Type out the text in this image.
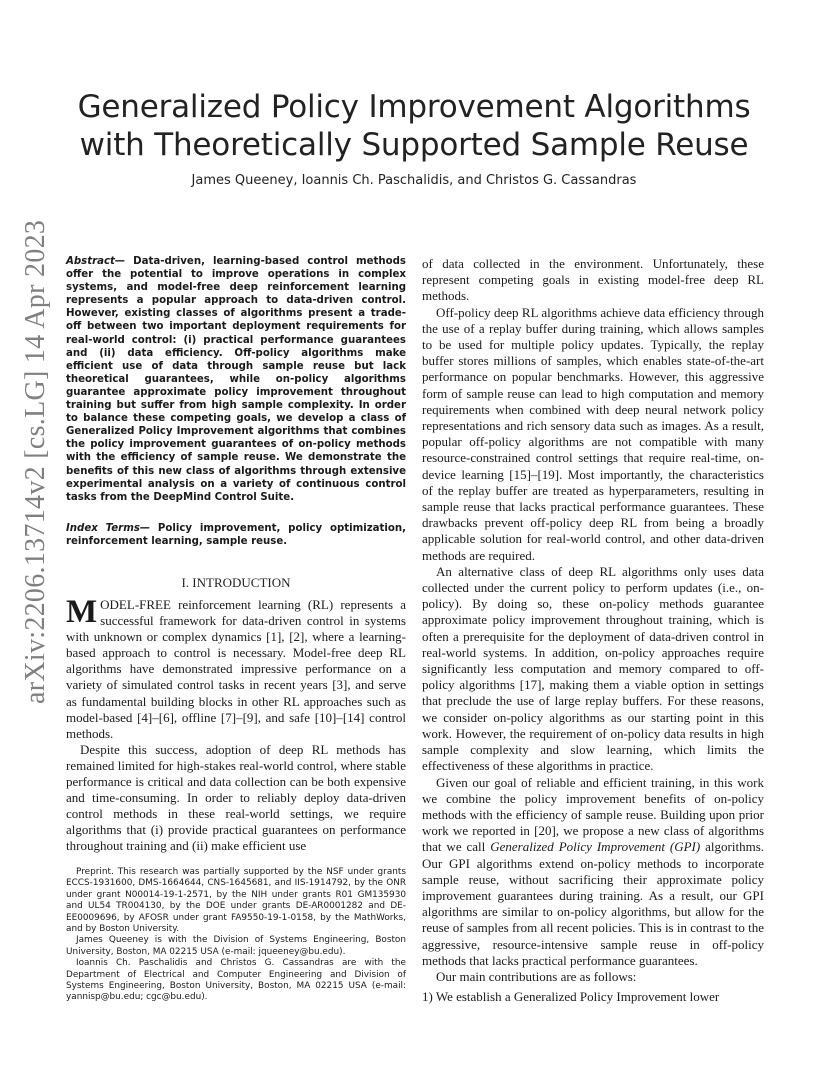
arXiv:2206.13714v2 [cs.LG] 14 Apr 2023
Generalized Policy Improvement Algorithms
with Theoretically Supported Sample Reuse
James Queeney, Ioannis Ch. Paschalidis, and Christos G. Cassandras
Abstract— Data-driven, learning-based control methods offer the potential to improve operations in complex systems, and model-free deep reinforcement learning represents a popular approach to data-driven control. However, existing classes of algorithms present a trade-off between two important deployment requirements for real-world control: (i) practical performance guarantees and (ii) data efficiency. Off-policy algorithms make efficient use of data through sample reuse but lack theoretical guarantees, while on-policy algorithms guarantee approximate policy improvement throughout training but suffer from high sample complexity. In order to balance these competing goals, we develop a class of Generalized Policy Improvement algorithms that combines the policy improvement guarantees of on-policy methods with the efficiency of sample reuse. We demonstrate the benefits of this new class of algorithms through extensive experimental analysis on a variety of continuous control tasks from the DeepMind Control Suite.
Index Terms— Policy improvement, policy optimization, reinforcement learning, sample reuse.
I. INTRODUCTION

MODEL-FREE reinforcement learning (RL) represents a successful framework for data-driven control in systems with unknown or complex dynamics [1], [2], where a learning-based approach to control is necessary. Model-free deep RL algorithms have demonstrated impressive performance on a variety of simulated control tasks in recent years [3], and serve as fundamental building blocks in other RL approaches such as model-based [4]–[6], offline [7]–[9], and safe [10]–[14] control methods.

Despite this success, adoption of deep RL methods has remained limited for high-stakes real-world control, where stable performance is critical and data collection can be both expensive and time-consuming. In order to reliably deploy data-driven control methods in these real-world settings, we require algorithms that (i) provide practical guarantees on performance throughout training and (ii) make efficient use

Preprint. This research was partially supported by the NSF under grants ECCS-1931600, DMS-1664644, CNS-1645681, and IIS-1914792, by the ONR under grant N00014-19-1-2571, by the NIH under grants R01 GM135930 and UL54 TR004130, by the DOE under grants DE-AR0001282 and DE-EE0009696, by AFOSR under grant FA9550-19-1-0158, by the MathWorks, and by Boston University.

James Queeney is with the Division of Systems Engineering, Boston University, Boston, MA 02215 USA (e-mail: jqueeney@bu.edu).

Ioannis Ch. Paschalidis and Christos G. Cassandras are with the Department of Electrical and Computer Engineering and Division of Systems Engineering, Boston University, Boston, MA 02215 USA (e-mail: yannisp@bu.edu; cgc@bu.edu).

of data collected in the environment. Unfortunately, these represent competing goals in existing model-free deep RL methods.

Off-policy deep RL algorithms achieve data efficiency through the use of a replay buffer during training, which allows samples to be used for multiple policy updates. Typically, the replay buffer stores millions of samples, which enables state-of-the-art performance on popular benchmarks. However, this aggressive form of sample reuse can lead to high computation and memory requirements when combined with deep neural network policy representations and rich sensory data such as images. As a result, popular off-policy algorithms are not compatible with many resource-constrained control settings that require real-time, on-device learning [15]–[19]. Most importantly, the characteristics of the replay buffer are treated as hyperparameters, resulting in sample reuse that lacks practical performance guarantees. These drawbacks prevent off-policy deep RL from being a broadly applicable solution for real-world control, and other data-driven methods are required.

An alternative class of deep RL algorithms only uses data collected under the current policy to perform updates (i.e., on-policy). By doing so, these on-policy methods guarantee approximate policy improvement throughout training, which is often a prerequisite for the deployment of data-driven control in real-world systems. In addition, on-policy approaches require significantly less computation and memory compared to off-policy algorithms [17], making them a viable option in settings that preclude the use of large replay buffers. For these reasons, we consider on-policy algorithms as our starting point in this work. However, the requirement of on-policy data results in high sample complexity and slow learning, which limits the effectiveness of these algorithms in practice.

Given our goal of reliable and efficient training, in this work we combine the policy improvement benefits of on-policy methods with the efficiency of sample reuse. Building upon prior work we reported in [20], we propose a new class of algorithms that we call Generalized Policy Improvement (GPI) algorithms. Our GPI algorithms extend on-policy methods to incorporate sample reuse, without sacrificing their approximate policy improvement guarantees during training. As a result, our GPI algorithms are similar to on-policy algorithms, but allow for the reuse of samples from all recent policies. This is in contrast to the aggressive, resource-intensive sample reuse in off-policy methods that lacks practical performance guarantees.

Our main contributions are as follows:

1) We establish a Generalized Policy Improvement lower
